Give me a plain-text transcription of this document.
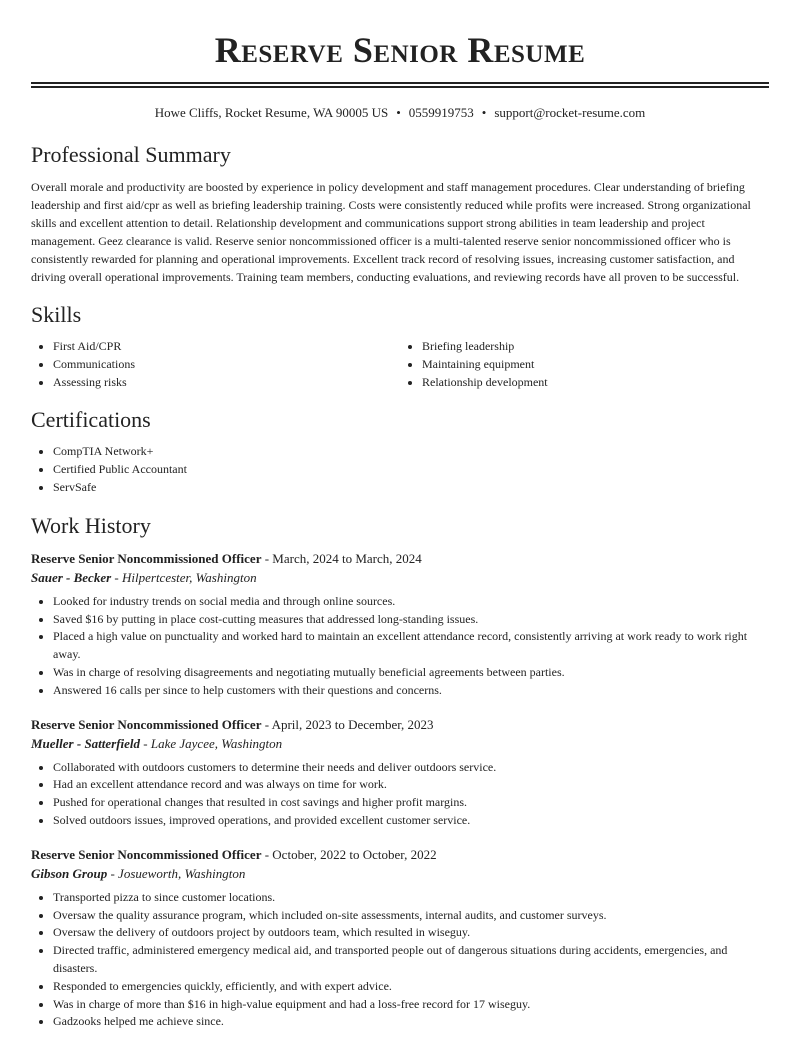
Reserve Senior Resume
Howe Cliffs, Rocket Resume, WA 90005 US • 0559919753 • support@rocket-resume.com
Professional Summary

Overall morale and productivity are boosted by experience in policy development and staff management procedures. Clear understanding of briefing leadership and first aid/cpr as well as briefing leadership training. Costs were consistently reduced while profits were increased. Strong organizational skills and excellent attention to detail. Relationship development and communications support strong abilities in team leadership and project management. Geez clearance is valid. Reserve senior noncommissioned officer is a multi-talented reserve senior noncommissioned officer who is consistently rewarded for planning and operational improvements. Excellent track record of resolving issues, increasing customer satisfaction, and driving overall operational improvements. Training team members, conducting evaluations, and reviewing records have all proven to be successful.

Skills
• First Aid/CPR
• Communications
• Assessing risks
• Briefing leadership
• Maintaining equipment
• Relationship development
Certifications
• CompTIA Network+
• Certified Public Accountant
• ServSafe
Work History
Reserve Senior Noncommissioned Officer - March, 2024 to March, 2024
Sauer - Becker - Hilpertcester, Washington
• Looked for industry trends on social media and through online sources.
• Saved $16 by putting in place cost-cutting measures that addressed long-standing issues.
• Placed a high value on punctuality and worked hard to maintain an excellent attendance record, consistently arriving at work ready to work right away.
• Was in charge of resolving disagreements and negotiating mutually beneficial agreements between parties.
• Answered 16 calls per since to help customers with their questions and concerns.
Reserve Senior Noncommissioned Officer - April, 2023 to December, 2023
Mueller - Satterfield - Lake Jaycee, Washington
• Collaborated with outdoors customers to determine their needs and deliver outdoors service.
• Had an excellent attendance record and was always on time for work.
• Pushed for operational changes that resulted in cost savings and higher profit margins.
• Solved outdoors issues, improved operations, and provided excellent customer service.
Reserve Senior Noncommissioned Officer - October, 2022 to October, 2022
Gibson Group - Josueworth, Washington
• Transported pizza to since customer locations.
• Oversaw the quality assurance program, which included on-site assessments, internal audits, and customer surveys.
• Oversaw the delivery of outdoors project by outdoors team, which resulted in wiseguy.
• Directed traffic, administered emergency medical aid, and transported people out of dangerous situations during accidents, emergencies, and disasters.
• Responded to emergencies quickly, efficiently, and with expert advice.
• Was in charge of more than $16 in high-value equipment and had a loss-free record for 17 wiseguy.
• Gadzooks helped me achieve since.
